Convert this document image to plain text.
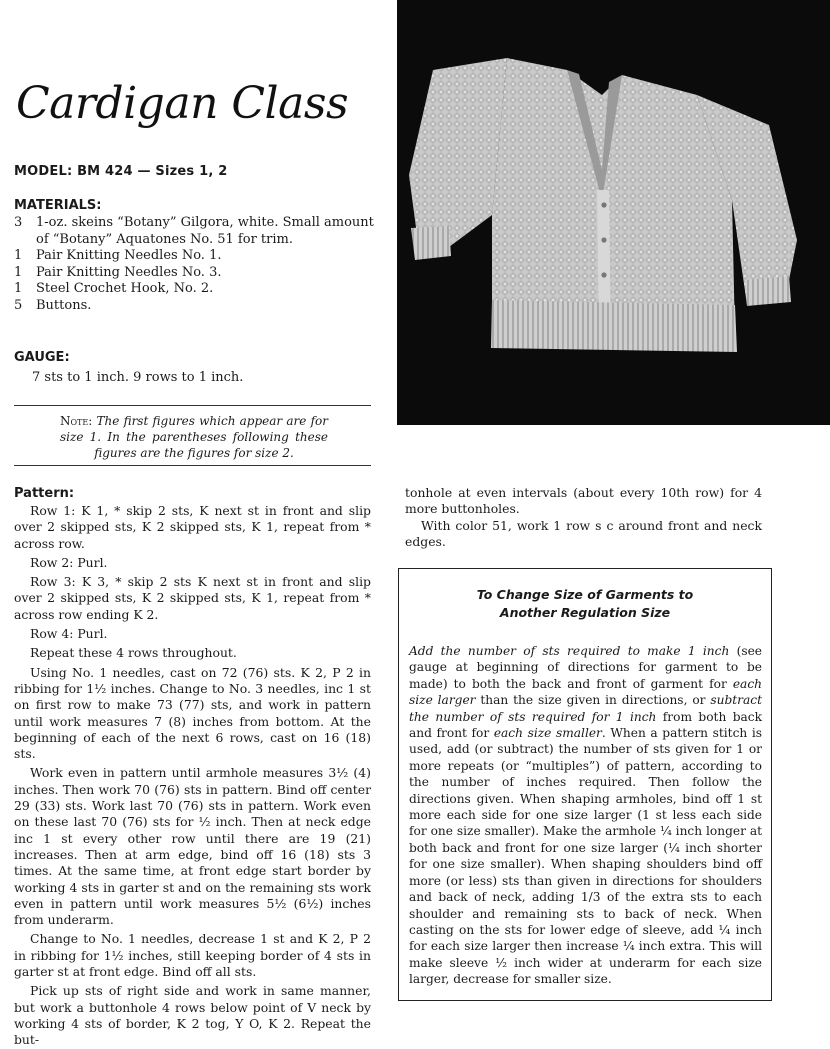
Cardigan Class
MODEL: BM 424 — Sizes 1, 2
MATERIALS:
3 1-oz. skeins “Botany” Gilgora, white. Small amount of “Botany” Aquatones No. 51 for trim.
1 Pair Knitting Needles No. 1.
1 Pair Knitting Needles No. 3.
1 Steel Crochet Hook, No. 2.
5 Buttons.
GAUGE:
7 sts to 1 inch. 9 rows to 1 inch.
Note: The first figures which appear are for size 1. In the parentheses following these figures are the figures for size 2.
Pattern:

Row 1: K 1, * skip 2 sts, K next st in front and slip over 2 skipped sts, K 2 skipped sts, K 1, repeat from * across row.

Row 2: Purl.

Row 3: K 3, * skip 2 sts K next st in front and slip over 2 skipped sts, K 2 skipped sts, K 1, repeat from * across row ending K 2.

Row 4: Purl.

Repeat these 4 rows throughout.

Using No. 1 needles, cast on 72 (76) sts. K 2, P 2 in ribbing for 1½ inches. Change to No. 3 needles, inc 1 st on first row to make 73 (77) sts, and work in pattern until work measures 7 (8) inches from bottom. At the beginning of each of the next 6 rows, cast on 16 (18) sts.

Work even in pattern until armhole measures 3½ (4) inches. Then work 70 (76) sts in pattern. Bind off center 29 (33) sts. Work last 70 (76) sts in pattern. Work even on these last 70 (76) sts for ½ inch. Then at neck edge inc 1 st every other row until there are 19 (21) increases. Then at arm edge, bind off 16 (18) sts 3 times. At the same time, at front edge start border by working 4 sts in garter st and on the remaining sts work even in pattern until work measures 5½ (6½) inches from underarm.

Change to No. 1 needles, decrease 1 st and K 2, P 2 in ribbing for 1½ inches, still keeping border of 4 sts in garter st at front edge. Bind off all sts.

Pick up sts of right side and work in same manner, but work a buttonhole 4 rows below point of V neck by working 4 sts of border, K 2 tog, Y O, K 2. Repeat the but-

tonhole at even intervals (about every 10th row) for 4 more buttonholes.

With color 51, work 1 row s c around front and neck edges.

To Change Size of Garments to
Another Regulation Size
Add the number of sts required to make 1 inch (see gauge at beginning of directions for garment to be made) to both the back and front of garment for each size larger than the size given in directions, or subtract the number of sts required for 1 inch from both back and front for each size smaller. When a pattern stitch is used, add (or subtract) the number of sts given for 1 or more repeats (or “multiples”) of pattern, according to the number of inches required. Then follow the directions given. When shaping armholes, bind off 1 st more each side for one size larger (1 st less each side for one size smaller). Make the armhole ¼ inch longer at both back and front for one size larger (¼ inch shorter for one size smaller). When shaping shoulders bind off more (or less) sts than given in directions for shoulders and back of neck, adding 1/3 of the extra sts to each shoulder and remaining sts to back of neck. When casting on the sts for lower edge of sleeve, add ¼ inch for each size larger then increase ¼ inch extra. This will make sleeve ½ inch wider at underarm for each size larger, decrease for smaller size.
